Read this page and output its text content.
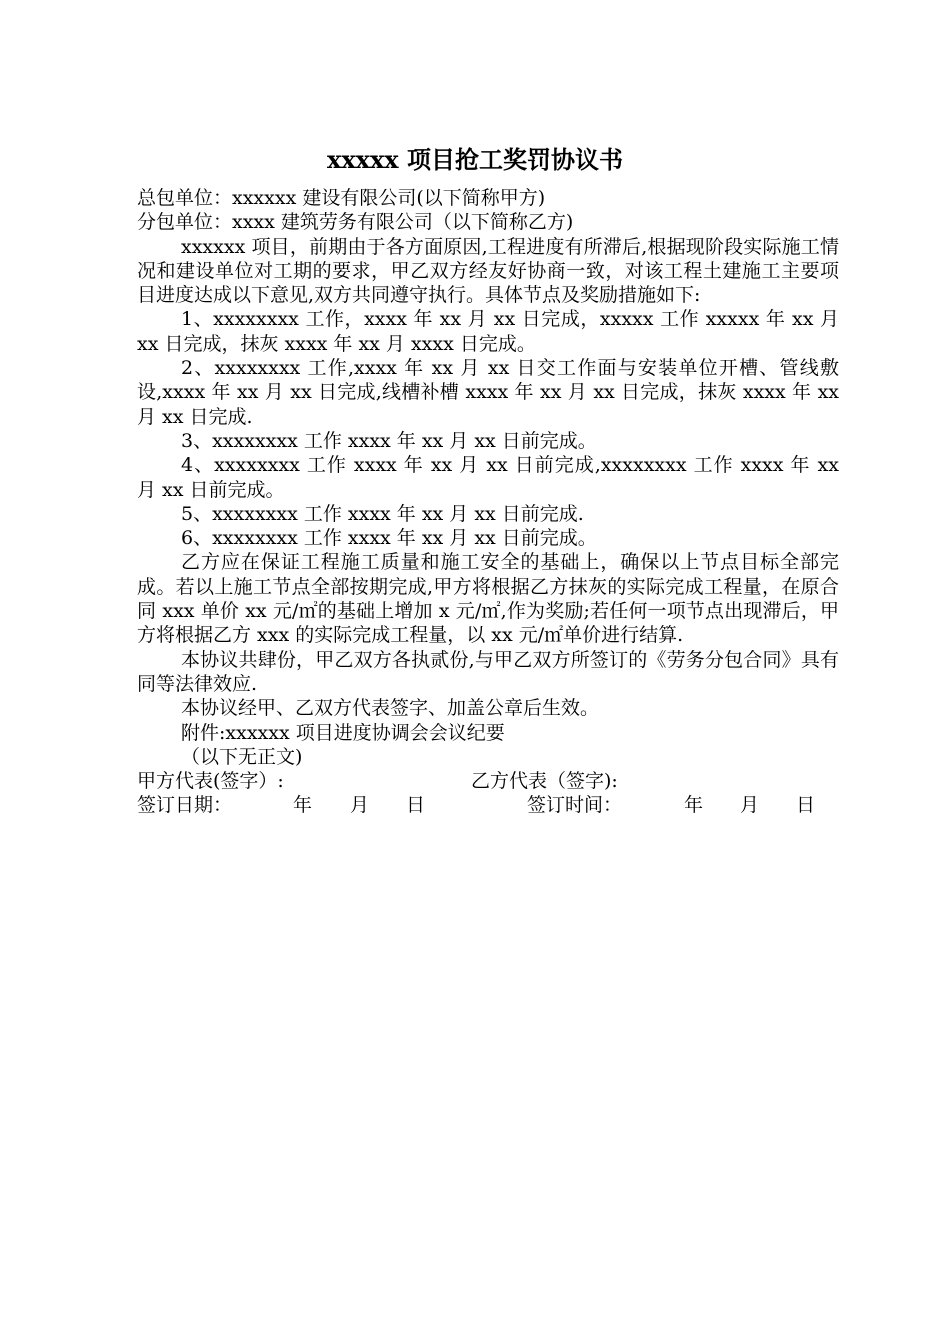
xxxxx 项目抢工奖罚协议书
总包单位：xxxxxx 建设有限公司(以下简称甲方)
分包单位：xxxx 建筑劳务有限公司（以下简称乙方)
xxxxxx 项目，前期由于各方面原因,工程进度有所滞后,根据现阶段实际施工情况和建设单位对工期的要求，甲乙双方经友好协商一致，对该工程土建施工主要项目进度达成以下意见,双方共同遵守执行。具体节点及奖励措施如下:
1、xxxxxxxx 工作，xxxx 年 xx 月 xx 日完成，xxxxx 工作 xxxxx 年 xx 月 xx 日完成，抹灰 xxxx 年 xx 月 xxxx 日完成。
2、xxxxxxxx 工作,xxxx 年 xx 月 xx 日交工作面与安装单位开槽、管线敷设,xxxx 年 xx 月 xx 日完成,线槽补槽 xxxx 年 xx 月 xx 日完成，抹灰 xxxx 年 xx 月 xx 日完成.
3、xxxxxxxx 工作 xxxx 年 xx 月 xx 日前完成。
4、xxxxxxxx 工作 xxxx 年 xx 月 xx 日前完成,xxxxxxxx 工作 xxxx 年 xx 月 xx 日前完成。
5、xxxxxxxx 工作 xxxx 年 xx 月 xx 日前完成.
6、xxxxxxxx 工作 xxxx 年 xx 月 xx 日前完成。
乙方应在保证工程施工质量和施工安全的基础上，确保以上节点目标全部完成。若以上施工节点全部按期完成,甲方将根据乙方抹灰的实际完成工程量，在原合同 xxx 单价 xx 元/㎡的基础上增加 x 元/㎡,作为奖励;若任何一项节点出现滞后，甲方将根据乙方 xxx 的实际完成工程量，以 xx 元/㎡单价进行结算.
本协议共肆份，甲乙双方各执贰份,与甲乙双方所签订的《劳务分包合同》具有同等法律效应.
本协议经甲、乙双方代表签字、加盖公章后生效。
附件:xxxxxx 项目进度协调会会议纪要
（以下无正文)
甲方代表(签字）:	乙方代表（签字):
签订日期：	年 月 日	签订时间：	年 月 日
